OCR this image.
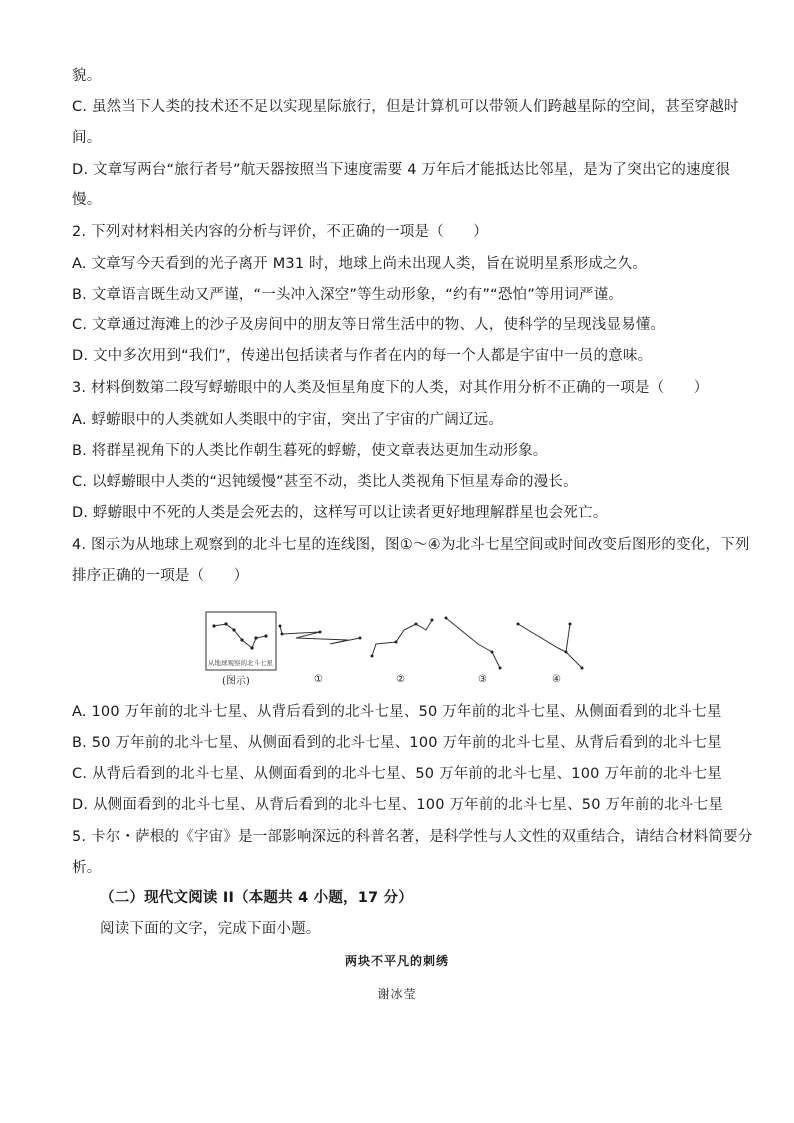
貌。
C. 虽然当下人类的技术还不足以实现星际旅行，但是计算机可以带领人们跨越星际的空间，甚至穿越时
间。
D. 文章写两台“旅行者号”航天器按照当下速度需要 4 万年后才能抵达比邻星，是为了突出它的速度很
慢。
2. 下列对材料相关内容的分析与评价，不正确的一项是（　　）
A. 文章写今天看到的光子离开 M31 时，地球上尚未出现人类，旨在说明星系形成之久。
B. 文章语言既生动又严谨，“一头冲入深空”等生动形象，“约有”“恐怕”等用词严谨。
C. 文章通过海滩上的沙子及房间中的朋友等日常生活中的物、人，使科学的呈现浅显易懂。
D. 文中多次用到“我们”，传递出包括读者与作者在内的每一个人都是宇宙中一员的意味。
3. 材料倒数第二段写蜉蝣眼中的人类及恒星角度下的人类，对其作用分析不正确的一项是（　　）
A. 蜉蝣眼中的人类就如人类眼中的宇宙，突出了宇宙的广阔辽远。
B. 将群星视角下的人类比作朝生暮死的蜉蝣，使文章表达更加生动形象。
C. 以蜉蝣眼中人类的“迟钝缓慢”甚至不动，类比人类视角下恒星寿命的漫长。
D. 蜉蝣眼中不死的人类是会死去的，这样写可以让读者更好地理解群星也会死亡。
4. 图示为从地球上观察到的北斗七星的连线图，图①～④为北斗七星空间或时间改变后图形的变化，下列
排序正确的一项是（　　）
从地球观察的北斗七星
(图示)	①	②	③	④
A. 100 万年前的北斗七星、从背后看到的北斗七星、50 万年前的北斗七星、从侧面看到的北斗七星
B. 50 万年前的北斗七星、从侧面看到的北斗七星、100 万年前的北斗七星、从背后看到的北斗七星
C. 从背后看到的北斗七星、从侧面看到的北斗七星、50 万年前的北斗七星、100 万年前的北斗七星
D. 从侧面看到的北斗七星、从背后看到的北斗七星、100 万年前的北斗七星、50 万年前的北斗七星
5. 卡尔・萨根的《宇宙》是一部影响深远的科普名著，是科学性与人文性的双重结合，请结合材料简要分
析。
（二）现代文阅读 II（本题共 4 小题，17 分）
阅读下面的文字，完成下面小题。
两块不平凡的刺绣
谢冰莹
